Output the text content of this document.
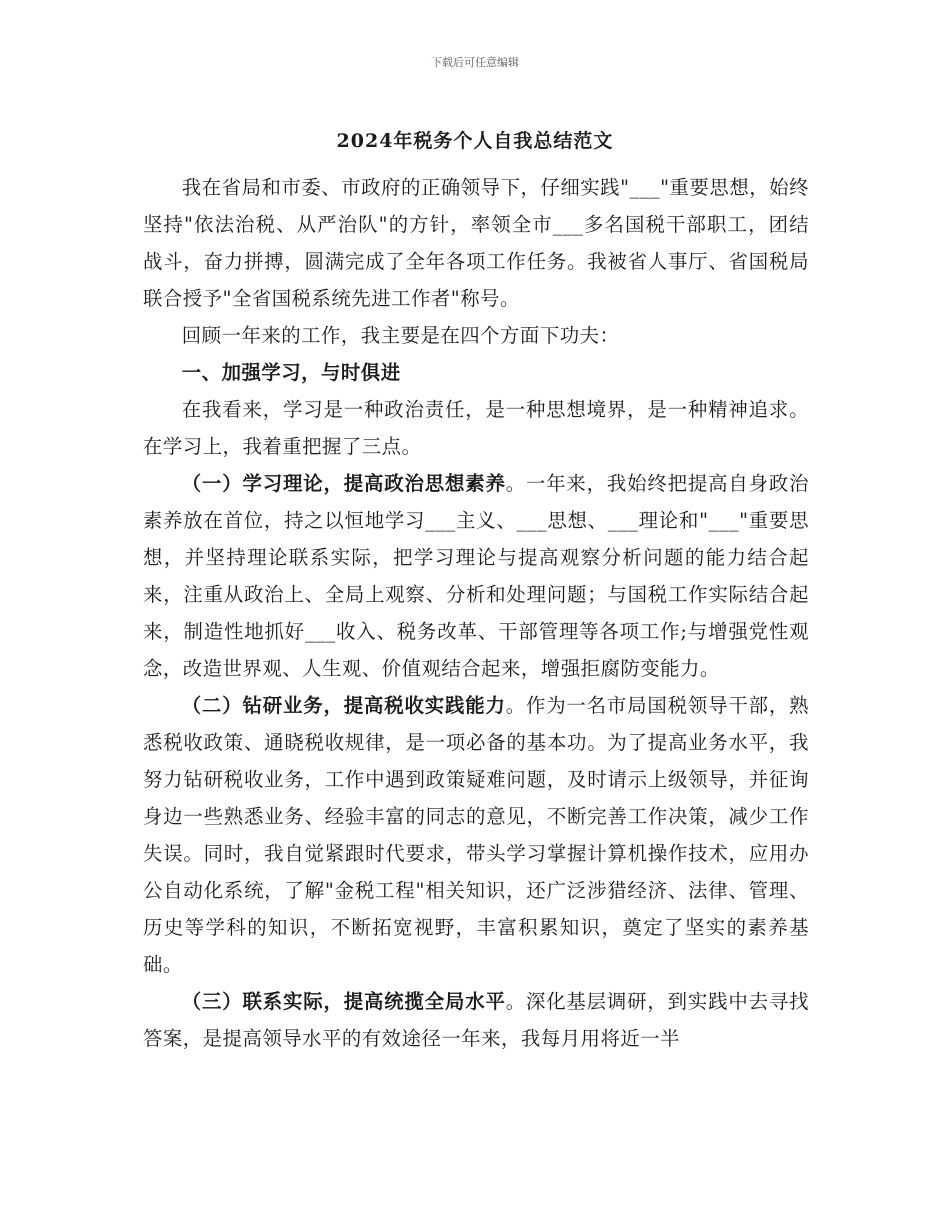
下载后可任意编辑
2024年税务个人自我总结范文

我在省局和市委、市政府的正确领导下，仔细实践"___"重要思想，始终坚持"依法治税、从严治队"的方针，率领全市___多名国税干部职工，团结战斗，奋力拼搏，圆满完成了全年各项工作任务。我被省人事厅、省国税局联合授予"全省国税系统先进工作者"称号。

回顾一年来的工作，我主要是在四个方面下功夫：

一、加强学习，与时俱进

在我看来，学习是一种政治责任，是一种思想境界，是一种精神追求。在学习上，我着重把握了三点。

（一）学习理论，提高政治思想素养。一年来，我始终把提高自身政治素养放在首位，持之以恒地学习___主义、___思想、___理论和"___"重要思想，并坚持理论联系实际，把学习理论与提高观察分析问题的能力结合起来，注重从政治上、全局上观察、分析和处理问题；与国税工作实际结合起来，制造性地抓好___收入、税务改革、干部管理等各项工作;与增强党性观念，改造世界观、人生观、价值观结合起来，增强拒腐防变能力。

（二）钻研业务，提高税收实践能力。作为一名市局国税领导干部，熟悉税收政策、通晓税收规律，是一项必备的基本功。为了提高业务水平，我努力钻研税收业务，工作中遇到政策疑难问题，及时请示上级领导，并征询身边一些熟悉业务、经验丰富的同志的意见，不断完善工作决策，减少工作失误。同时，我自觉紧跟时代要求，带头学习掌握计算机操作技术，应用办公自动化系统，了解"金税工程"相关知识，还广泛涉猎经济、法律、管理、历史等学科的知识，不断拓宽视野，丰富积累知识，奠定了坚实的素养基础。

（三）联系实际，提高统揽全局水平。深化基层调研，到实践中去寻找答案，是提高领导水平的有效途径一年来，我每月用将近一半
